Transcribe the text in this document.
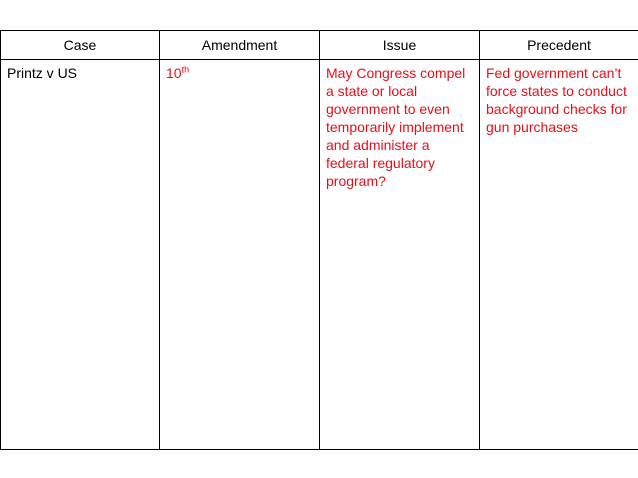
Case	Amendment	Issue	Precedent
Printz v US	10th	May Congress compel a state or local government to even temporarily implement and administer a federal regulatory program?	Fed government can’t force states to conduct background checks for gun purchases
